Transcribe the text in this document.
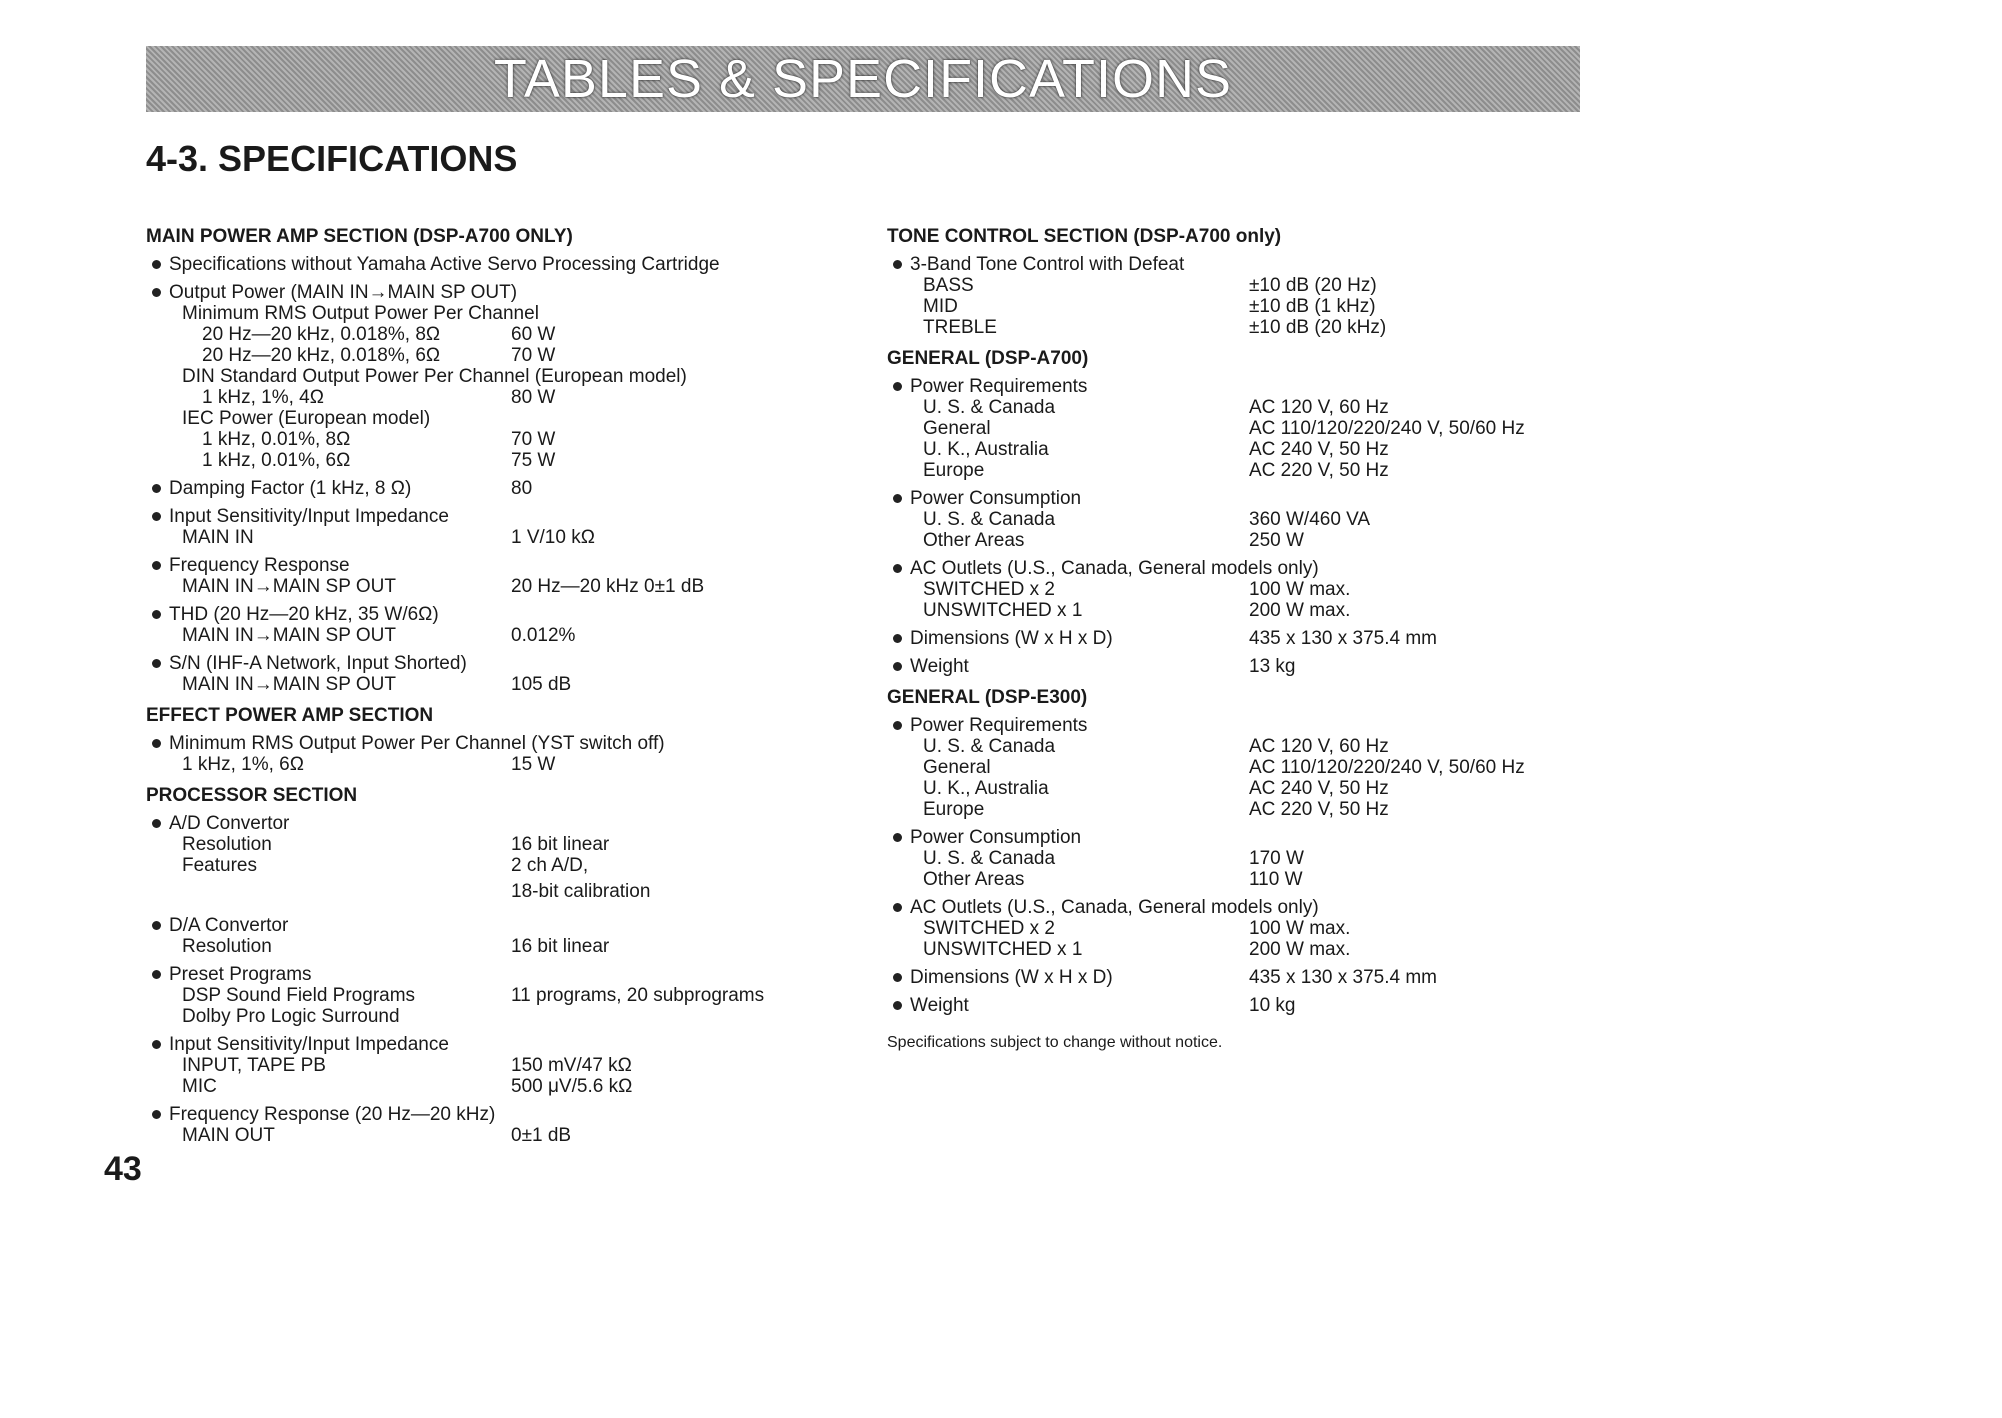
TABLES & SPECIFICATIONS
4-3. SPECIFICATIONS
MAIN POWER AMP SECTION (DSP-A700 ONLY)
Specifications without Yamaha Active Servo Processing Cartridge
Output Power (MAIN IN→MAIN SP OUT)
Minimum RMS Output Power Per Channel
20 Hz—20 kHz, 0.018%, 8Ω	60 W
20 Hz—20 kHz, 0.018%, 6Ω	70 W
DIN Standard Output Power Per Channel (European model)
1 kHz, 1%, 4Ω	80 W
IEC Power (European model)
1 kHz, 0.01%, 8Ω	70 W
1 kHz, 0.01%, 6Ω	75 W
Damping Factor (1 kHz, 8 Ω)	80
Input Sensitivity/Input Impedance
MAIN IN	1 V/10 kΩ
Frequency Response
MAIN IN→MAIN SP OUT	20 Hz—20 kHz 0±1 dB
THD (20 Hz—20 kHz, 35 W/6Ω)
MAIN IN→MAIN SP OUT	0.012%
S/N (IHF-A Network, Input Shorted)
MAIN IN→MAIN SP OUT	105 dB
EFFECT POWER AMP SECTION
Minimum RMS Output Power Per Channel (YST switch off)
1 kHz, 1%, 6Ω	15 W
PROCESSOR SECTION
A/D Convertor
Resolution	16 bit linear
Features	2 ch A/D,

18-bit calibration
D/A Convertor
Resolution	16 bit linear
Preset Programs
DSP Sound Field Programs	11 programs, 20 subprograms
Dolby Pro Logic Surround
Input Sensitivity/Input Impedance
INPUT, TAPE PB	150 mV/47 kΩ
MIC	500 μV/5.6 kΩ
Frequency Response (20 Hz—20 kHz)
MAIN OUT	0±1 dB
TONE CONTROL SECTION (DSP-A700 only)
3-Band Tone Control with Defeat
BASS	±10 dB (20 Hz)
MID	±10 dB (1 kHz)
TREBLE	±10 dB (20 kHz)
GENERAL (DSP-A700)
Power Requirements
U. S. & Canada	AC 120 V, 60 Hz
General	AC 110/120/220/240 V, 50/60 Hz
U. K., Australia	AC 240 V, 50 Hz
Europe	AC 220 V, 50 Hz
Power Consumption
U. S. & Canada	360 W/460 VA
Other Areas	250 W
AC Outlets (U.S., Canada, General models only)
SWITCHED x 2	100 W max.
UNSWITCHED x 1	200 W max.
Dimensions (W x H x D)	435 x 130 x 375.4 mm
Weight	13 kg
GENERAL (DSP-E300)
Power Requirements
U. S. & Canada	AC 120 V, 60 Hz
General	AC 110/120/220/240 V, 50/60 Hz
U. K., Australia	AC 240 V, 50 Hz
Europe	AC 220 V, 50 Hz
Power Consumption
U. S. & Canada	170 W
Other Areas	110 W
AC Outlets (U.S., Canada, General models only)
SWITCHED x 2	100 W max.
UNSWITCHED x 1	200 W max.
Dimensions (W x H x D)	435 x 130 x 375.4 mm
Weight	10 kg
Specifications subject to change without notice.
43
